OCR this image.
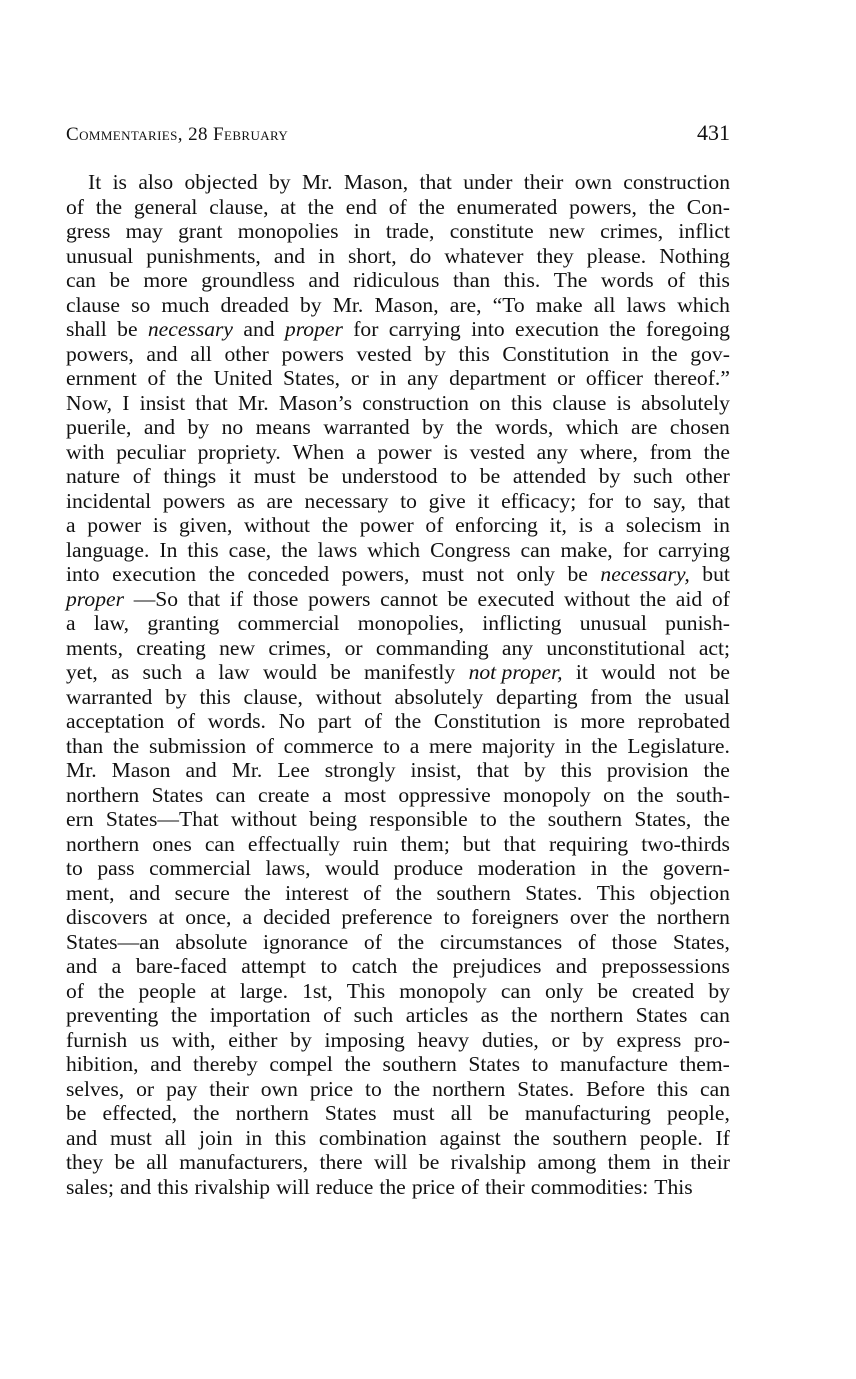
Commentaries, 28 February	431
It is also objected by Mr. Mason, that under their own construction
of the general clause, at the end of the enumerated powers, the Con-
gress may grant monopolies in trade, constitute new crimes, inflict
unusual punishments, and in short, do whatever they please. Nothing
can be more groundless and ridiculous than this. The words of this
clause so much dreaded by Mr. Mason, are, “To make all laws which
shall be necessary and proper for carrying into execution the foregoing
powers, and all other powers vested by this Constitution in the gov-
ernment of the United States, or in any department or officer thereof.”
Now, I insist that Mr. Mason’s construction on this clause is absolutely
puerile, and by no means warranted by the words, which are chosen
with peculiar propriety. When a power is vested any where, from the
nature of things it must be understood to be attended by such other
incidental powers as are necessary to give it efficacy; for to say, that
a power is given, without the power of enforcing it, is a solecism in
language. In this case, the laws which Congress can make, for carrying
into execution the conceded powers, must not only be necessary, but
proper —So that if those powers cannot be executed without the aid of
a law, granting commercial monopolies, inflicting unusual punish-
ments, creating new crimes, or commanding any unconstitutional act;
yet, as such a law would be manifestly not proper, it would not be
warranted by this clause, without absolutely departing from the usual
acceptation of words. No part of the Constitution is more reprobated
than the submission of commerce to a mere majority in the Legislature.
Mr. Mason and Mr. Lee strongly insist, that by this provision the
northern States can create a most oppressive monopoly on the south-
ern States—That without being responsible to the southern States, the
northern ones can effectually ruin them; but that requiring two-thirds
to pass commercial laws, would produce moderation in the govern-
ment, and secure the interest of the southern States. This objection
discovers at once, a decided preference to foreigners over the northern
States—an absolute ignorance of the circumstances of those States,
and a bare-faced attempt to catch the prejudices and prepossessions
of the people at large. 1st, This monopoly can only be created by
preventing the importation of such articles as the northern States can
furnish us with, either by imposing heavy duties, or by express pro-
hibition, and thereby compel the southern States to manufacture them-
selves, or pay their own price to the northern States. Before this can
be effected, the northern States must all be manufacturing people,
and must all join in this combination against the southern people. If
they be all manufacturers, there will be rivalship among them in their
sales; and this rivalship will reduce the price of their commodities: This
